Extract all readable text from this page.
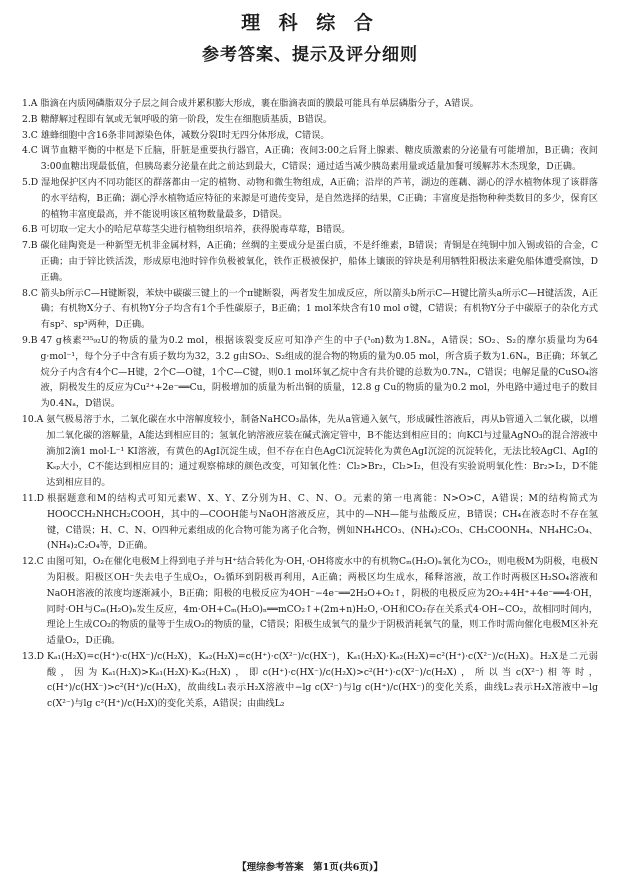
理 科 综 合
参考答案、提示及评分细则
1.A 脂滴在内质网磷脂双分子层之间合成并累积膨大形成，裹在脂滴表面的膜最可能具有单层磷脂分子，A错误。
2.B 糖酵解过程即有氧或无氧呼吸的第一阶段，发生在细胞质基质，B错误。
3.C 雄蜂细胞中含16条非同源染色体，减数分裂Ⅰ时无四分体形成，C错误。
4.C 调节血糖平衡的中枢是下丘脑，肝脏是重要执行器官，A正确；夜间3:00之后肾上腺素、糖皮质激素的分泌量有可能增加，B正确；夜间3:00血糖出现最低值，但胰岛素分泌量在此之前达到最大，C错误；通过适当减少胰岛素用量或适量加餐可缓解苏木杰现象，D正确。
5.D 湿地保护区内不同功能区的群落都由一定的植物、动物和微生物组成，A正确；沿岸的芦苇，湖边的莲藕、湖心的浮水植物体现了该群落的水平结构，B正确；湖心浮水植物适应特征的来源是可遗传变异，是自然选择的结果，C正确；丰富度是指物种种类数目的多少，保育区的植物丰富度最高，并不能说明该区植物数量最多，D错误。
6.B 可切取一定大小的哈尼草莓茎尖进行植物组织培养，获得脱毒草莓，B错误。
7.B 碳化硅陶瓷是一种新型无机非金属材料，A正确；丝绸的主要成分是蛋白质，不是纤维素，B错误；青铜是在纯铜中加入锡或铅的合金，C正确；由于锌比铁活泼，形成原电池时锌作负极被氧化，铁作正极被保护，船体上镶嵌的锌块是利用牺牲阳极法来避免船体遭受腐蚀，D正确。
8.C 箭头b所示C—H键断裂，苯炔中碳碳三键上的一个π键断裂，两者发生加成反应，所以箭头b所示C—H键比箭头a所示C—H键活泼，A正确；有机物X分子、有机物Y分子均含有1个手性碳原子，B正确；1 mol苯炔含有10 mol σ键，C错误；有机物Y分子中碳原子的杂化方式有sp²、sp³两种，D正确。
9.B 47 g核素²³⁵₉₂U的物质的量为0.2 mol，根据该裂变反应可知净产生的中子(¹₀n)数为1.8Nₐ，A错误；SO₂、S₂的摩尔质量均为64 g·mol⁻¹，每个分子中含有质子数均为32，3.2 g由SO₂、S₂组成的混合物的物质的量为0.05 mol，所含质子数为1.6Nₐ，B正确；环氧乙烷分子内含有4个C—H键，2个C—O键，1个C—C键，则0.1 mol环氧乙烷中含有共价键的总数为0.7Nₐ，C错误；电解足量的CuSO₄溶液，阴极发生的反应为Cu²⁺+2e⁻══Cu，阴极增加的质量为析出铜的质量，12.8 g Cu的物质的量为0.2 mol，外电路中通过电子的数目为0.4Nₐ，D错误。
10.A 氨气极易溶于水，二氧化碳在水中溶解度较小，制备NaHCO₃晶体，先从a管通入氨气，形成碱性溶液后，再从b管通入二氧化碳，以增加二氧化碳的溶解量，A能达到相应目的；氢氧化钠溶液应装在碱式滴定管中，B不能达到相应目的；向KCl与过量AgNO₃的混合溶液中滴加2滴1 mol·L⁻¹ KI溶液，有黄色的AgI沉淀生成，但不存在白色AgCl沉淀转化为黄色AgI沉淀的沉淀转化，无法比较AgCl、AgI的Kₛₚ大小，C不能达到相应目的；通过观察棉球的颜色改变，可知氧化性：Cl₂>Br₂，Cl₂>I₂，但没有实验说明氧化性：Br₂>I₂，D不能达到相应目的。
11.D 根据题意和M的结构式可知元素W、X、Y、Z分别为H、C、N、O。元素的第一电离能：N>O>C，A错误；M的结构简式为HOOCCH₂NHCH₂COOH，其中的—COOH能与NaOH溶液反应，其中的—NH—能与盐酸反应，B错误；CH₄在液态时不存在氢键，C错误；H、C、N、O四种元素组成的化合物可能为离子化合物，例如NH₄HCO₃、(NH₄)₂CO₃、CH₃COONH₄、NH₄HC₂O₄、(NH₄)₂C₂O₄等，D正确。
12.C 由图可知，O₂在催化电极M上得到电子并与H⁺结合转化为·OH，·OH将废水中的有机物Cₘ(H₂O)ₙ氧化为CO₂，则电极M为阴极，电极N为阳极。阳极区OH⁻失去电子生成O₂，O₂循环到阴极再利用，A正确；两极区均生成水，稀释溶液，故工作时两极区H₂SO₄溶液和NaOH溶液的浓度均逐渐减小，B正确；阳极的电极反应为4OH⁻−4e⁻══2H₂O+O₂↑，阴极的电极反应为2O₂+4H⁺+4e⁻══4·OH，同时·OH与Cₘ(H₂O)ₙ发生反应，4m·OH+Cₘ(H₂O)ₙ══mCO₂↑+(2m+n)H₂O，·OH和CO₂存在关系式4·OH~CO₂，故相同时间内，理论上生成CO₂的物质的量等于生成O₂的物质的量，C错误；阳极生成氧气的量少于阴极消耗氧气的量，则工作时需向催化电极M区补充适量O₂，D正确。
13.D Kₐ₁(H₂X)=c(H⁺)·c(HX⁻)/c(H₂X)，Kₐ₂(H₂X)=c(H⁺)·c(X²⁻)/c(HX⁻)，Kₐ₁(H₂X)·Kₐ₂(H₂X)=c²(H⁺)·c(X²⁻)/c(H₂X)。H₂X是二元弱酸，因为Kₐ₁(H₂X)>Kₐ₁(H₂X)·Kₐ₂(H₂X)，即c(H⁺)·c(HX⁻)/c(H₂X)>c²(H⁺)·c(X²⁻)/c(H₂X)，所以当c(X²⁻)相等时，c(H⁺)/c(HX⁻)>c²(H⁺)/c(H₂X)，故曲线L₁表示H₂X溶液中−lg c(X²⁻)与lg c(H⁺)/c(HX⁻)的变化关系，曲线L₂表示H₂X溶液中−lg c(X²⁻)与lg c²(H⁺)/c(H₂X)的变化关系，A错误；由曲线L₂
【理综参考答案　第1页(共6页)】
